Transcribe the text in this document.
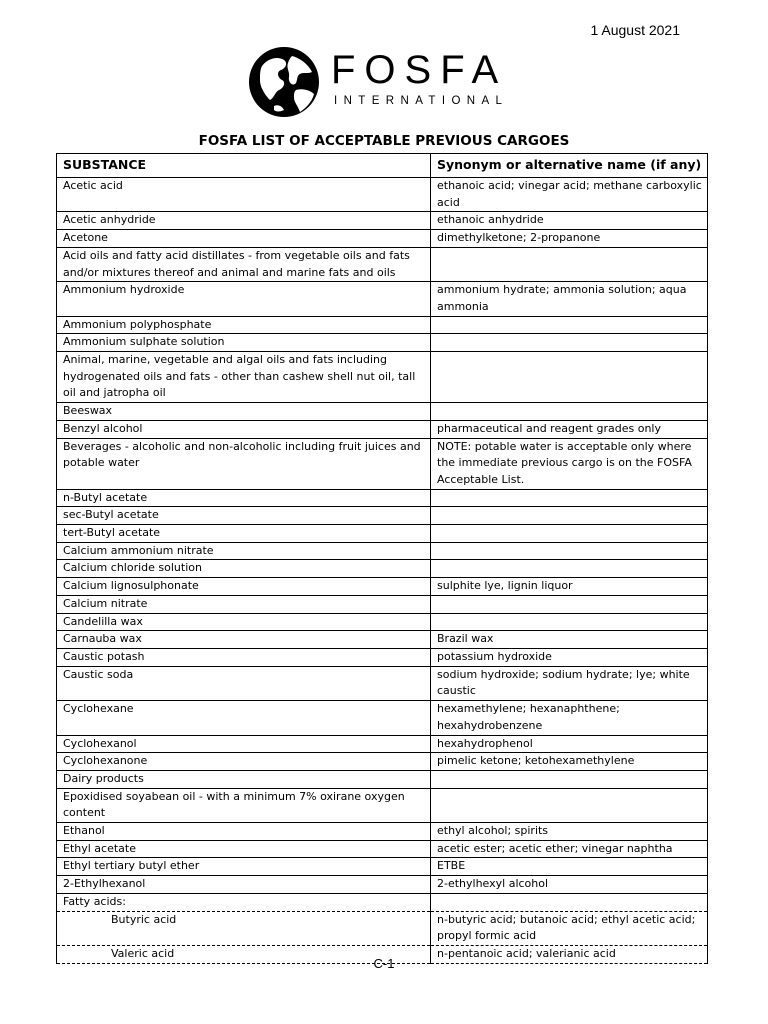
1 August 2021
FOSFA
INTERNATIONAL
FOSFA LIST OF ACCEPTABLE PREVIOUS CARGOES
SUBSTANCE	Synonym or alternative name (if any)
Acetic acid	ethanoic acid; vinegar acid; methane carboxylic acid
Acetic anhydride	ethanoic anhydride
Acetone	dimethylketone; 2-propanone
Acid oils and fatty acid distillates - from vegetable oils and fats and/or mixtures thereof and animal and marine fats and oils	
Ammonium hydroxide	ammonium hydrate; ammonia solution; aqua ammonia
Ammonium polyphosphate	
Ammonium sulphate solution	
Animal, marine, vegetable and algal oils and fats including hydrogenated oils and fats - other than cashew shell nut oil, tall oil and jatropha oil	
Beeswax	
Benzyl alcohol	pharmaceutical and reagent grades only
Beverages - alcoholic and non-alcoholic including fruit juices and potable water	NOTE: potable water is acceptable only where the immediate previous cargo is on the FOSFA Acceptable List.
n-Butyl acetate	
sec-Butyl acetate	
tert-Butyl acetate	
Calcium ammonium nitrate	
Calcium chloride solution	
Calcium lignosulphonate	sulphite lye, lignin liquor
Calcium nitrate	
Candelilla wax	
Carnauba wax	Brazil wax
Caustic potash	potassium hydroxide
Caustic soda	sodium hydroxide; sodium hydrate; lye; white caustic
Cyclohexane	hexamethylene; hexanaphthene; hexahydrobenzene
Cyclohexanol	hexahydrophenol
Cyclohexanone	pimelic ketone; ketohexamethylene
Dairy products	
Epoxidised soyabean oil - with a minimum 7% oxirane oxygen content	
Ethanol	ethyl alcohol; spirits
Ethyl acetate	acetic ester; acetic ether; vinegar naphtha
Ethyl tertiary butyl ether	ETBE
2-Ethylhexanol	2-ethylhexyl alcohol
Fatty acids:	
Butyric acid	n-butyric acid; butanoic acid; ethyl acetic acid; propyl formic acid
Valeric acid	n-pentanoic acid; valerianic acid
C-1
